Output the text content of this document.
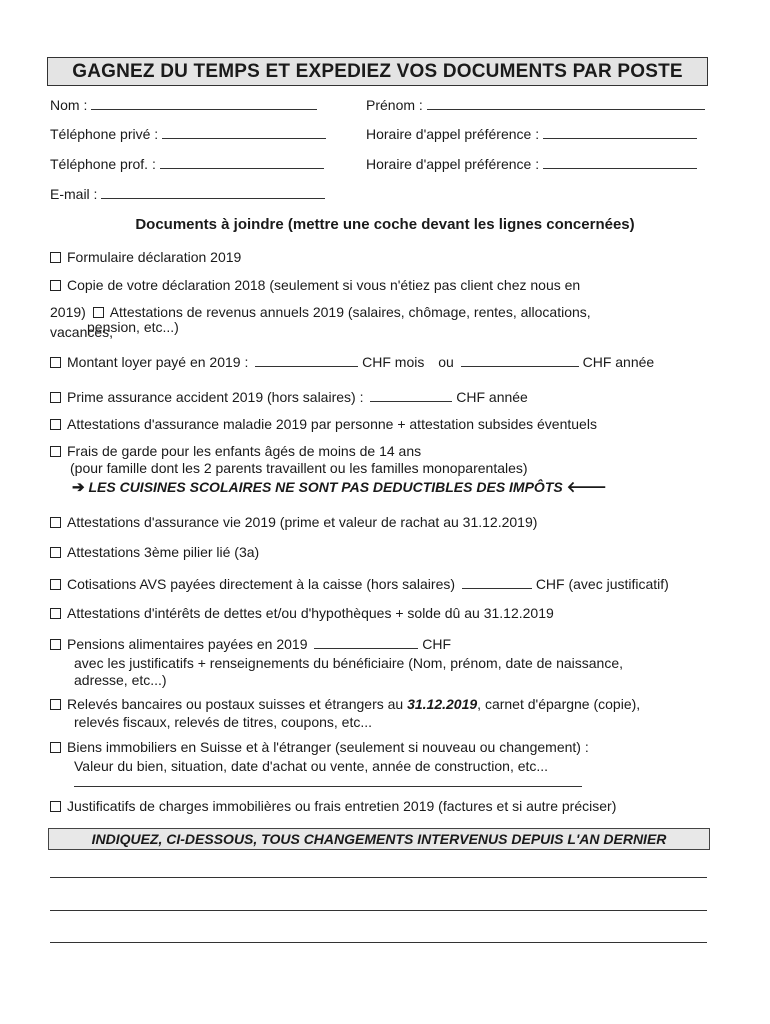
GAGNEZ DU TEMPS ET EXPEDIEZ VOS DOCUMENTS PAR POSTE
Nom :	Prénom :
Téléphone privé :	Horaire d'appel préférence :
Téléphone prof. :	Horaire d'appel préférence :
E-mail :
Documents à joindre (mettre une coche devant les lignes concernées)
Formulaire déclaration 2019
Copie de votre déclaration 2018 (seulement si vous n'étiez pas client chez nous en
2019) Attestations de revenus annuels 2019 (salaires, chômage, rentes, allocations,
vacances,
pension, etc...)
Montant loyer payé en 2019 :	CHF mois ou	CHF année
Prime assurance accident 2019 (hors salaires) :	CHF année
Attestations d'assurance maladie 2019 par personne + attestation subsides éventuels
Frais de garde pour les enfants âgés de moins de 14 ans
(pour famille dont les 2 parents travaillent ou les familles monoparentales)
➔ LES CUISINES SCOLAIRES NE SONT PAS DEDUCTIBLES DES IMPÔTS 🡐
Attestations d'assurance vie 2019 (prime et valeur de rachat au 31.12.2019)
Attestations 3ème pilier lié (3a)
Cotisations AVS payées directement à la caisse (hors salaires)	CHF (avec justificatif)
Attestations d'intérêts de dettes et/ou d'hypothèques + solde dû au 31.12.2019
Pensions alimentaires payées en 2019	CHF
avec les justificatifs + renseignements du bénéficiaire (Nom, prénom, date de naissance,
adresse, etc...)
Relevés bancaires ou postaux suisses et étrangers au 31.12.2019, carnet d'épargne (copie),
relevés fiscaux, relevés de titres, coupons, etc...
Biens immobiliers en Suisse et à l'étranger (seulement si nouveau ou changement) :
Valeur du bien, situation, date d'achat ou vente, année de construction, etc...
Justificatifs de charges immobilières ou frais entretien 2019 (factures et si autre préciser)
INDIQUEZ, CI-DESSOUS, TOUS CHANGEMENTS INTERVENUS DEPUIS L'AN DERNIER
